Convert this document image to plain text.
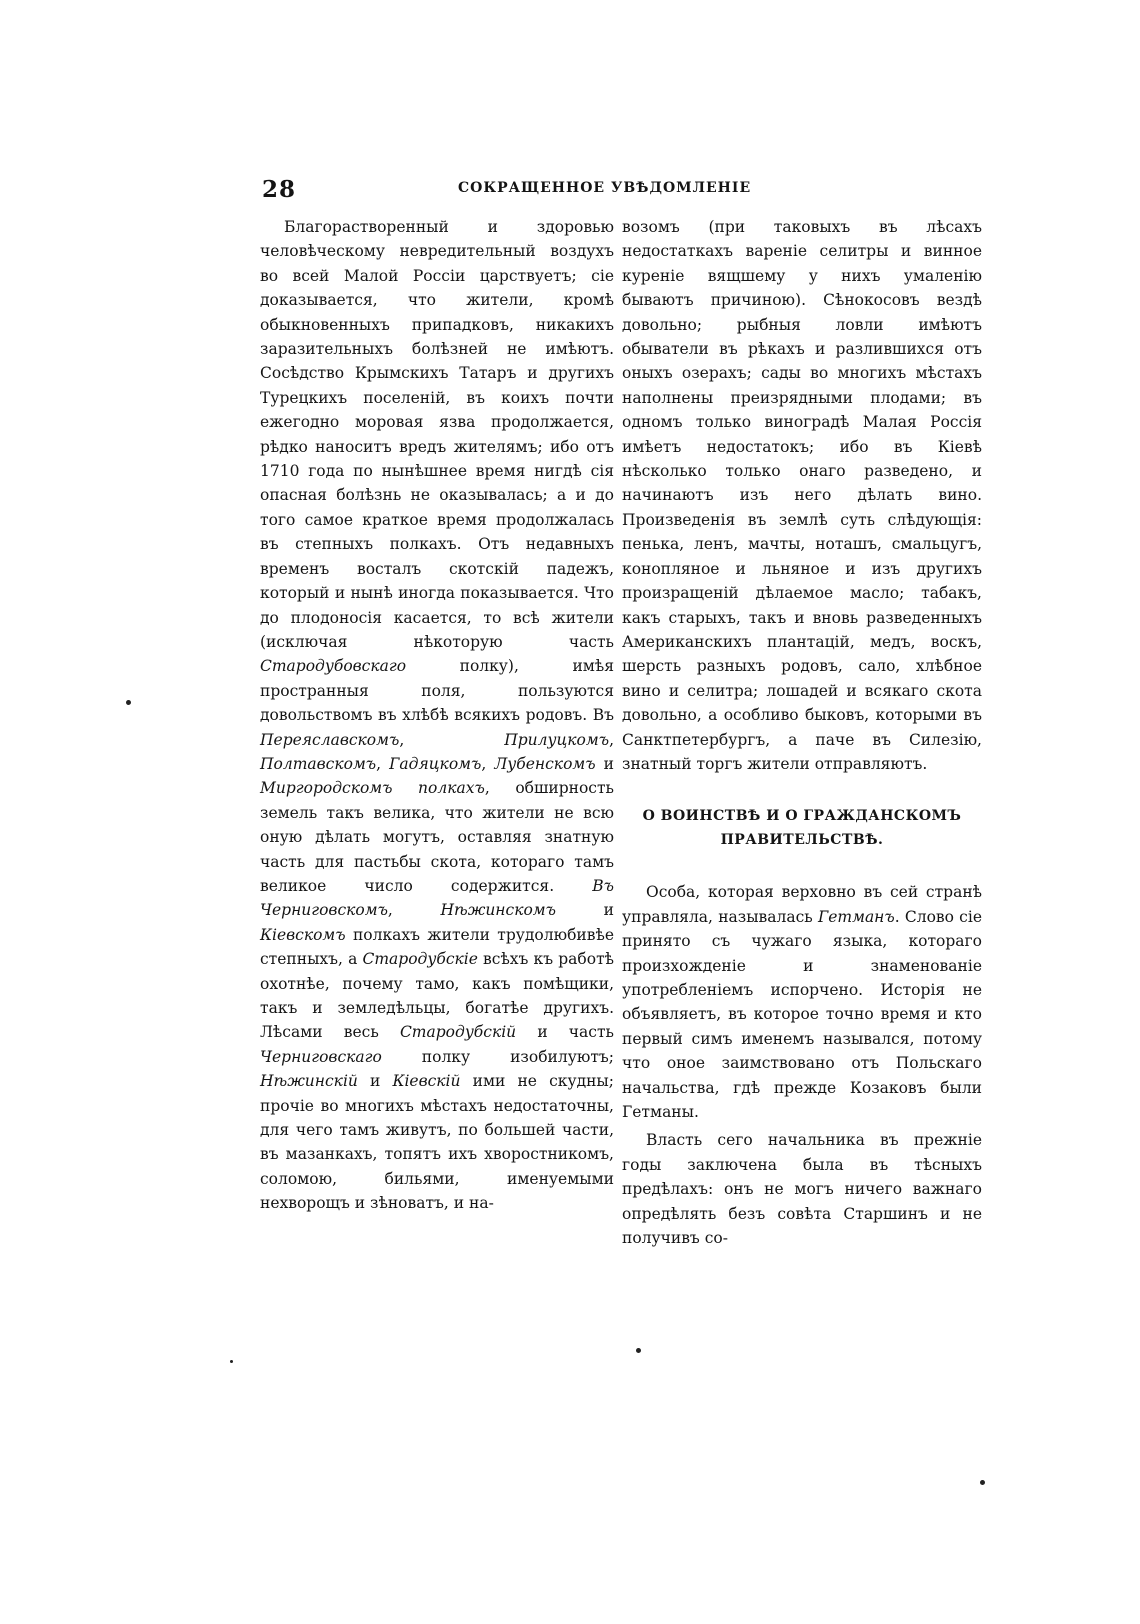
28	СОКРАЩЕННОЕ УВѢДОМЛЕНІЕ

Благорастворенный и здоровью человѣческому невредительный воздухъ во всей Малой Россіи царствуетъ; сіе доказывается, что жители, кромѣ обыкновенныхъ припадковъ, никакихъ заразительныхъ болѣзней не имѣютъ. Сосѣдство Крымскихъ Татаръ и другихъ Турецкихъ поселеній, въ коихъ почти ежегодно моровая язва продолжается, рѣдко наноситъ вредъ жителямъ; ибо отъ 1710 года по нынѣшнее время нигдѣ сія опасная болѣзнь не оказывалась; а и до того самое краткое время продолжалась въ степныхъ полкахъ. Отъ недавныхъ временъ восталъ скотскій падежъ, который и нынѣ иногда показывается. Что до плодоносія касается, то всѣ жители (исключая нѣкоторую часть Стародубовскаго полку), имѣя пространныя поля, пользуются довольствомъ въ хлѣбѣ всякихъ родовъ. Въ Переяславскомъ, Прилуцкомъ, Полтавскомъ, Гадяцкомъ, Лубенскомъ и Миргородскомъ полкахъ, обширность земель такъ велика, что жители не всю оную дѣлать могутъ, оставляя знатную часть для пастьбы скота, котораго тамъ великое число содержится. Въ Черниговскомъ, Нѣжинскомъ и Кіевскомъ полкахъ жители трудолюбивѣе степныхъ, а Стародубскіе всѣхъ къ работѣ охотнѣе, почему тамо, какъ помѣщики, такъ и земледѣльцы, богатѣе другихъ. Лѣсами весь Стародубскій и часть Черниговскаго полку изобилуютъ; Нѣжинскій и Кіевскій ими не скудны; прочіе во многихъ мѣстахъ недостаточны, для чего тамъ живутъ, по большей части, въ мазанкахъ, топятъ ихъ хворостникомъ, соломою, бильями, именуемыми нехворощъ и зѣноватъ, и на-

возомъ (при таковыхъ въ лѣсахъ недостаткахъ вареніе селитры и винное куреніе вящшему у нихъ умаленію бываютъ причиною). Сѣнокосовъ вездѣ довольно; рыбныя ловли имѣютъ обыватели въ рѣкахъ и разлившихся отъ оныхъ озерахъ; сады во многихъ мѣстахъ наполнены преизрядными плодами; въ одномъ только виноградѣ Малая Россія имѣетъ недостатокъ; ибо въ Кіевѣ нѣсколько только онаго разведено, и начинаютъ изъ него дѣлать вино. Произведенія въ землѣ суть слѣдующія: пенька, ленъ, мачты, ноташъ, смальцугъ, конопляное и льняное и изъ другихъ произращеній дѣлаемое масло; табакъ, какъ старыхъ, такъ и вновь разведенныхъ Американскихъ плантацій, медъ, воскъ, шерсть разныхъ родовъ, сало, хлѣбное вино и селитра; лошадей и всякаго скота довольно, а особливо быковъ, которыми въ Санктпетербургъ, а паче въ Силезію, знатный торгъ жители отправляютъ.

О ВОИНСТВѢ И О ГРАЖДАНСКОМЪ ПРАВИТЕЛЬСТВѢ.

Особа, которая верховно въ сей странѣ управляла, называлась Гетманъ. Слово сіе принято съ чужаго языка, котораго произхожденіе и знаменованіе употребленіемъ испорчено. Исторія не объявляетъ, въ которое точно время и кто первый симъ именемъ назывался, потому что оное заимствовано отъ Польскаго начальства, гдѣ прежде Козаковъ были Гетманы.

Власть сего начальника въ прежніе годы заключена была въ тѣсныхъ предѣлахъ: онъ не могъ ничего важнаго опредѣлять безъ совѣта Старшинъ и не получивъ со-
